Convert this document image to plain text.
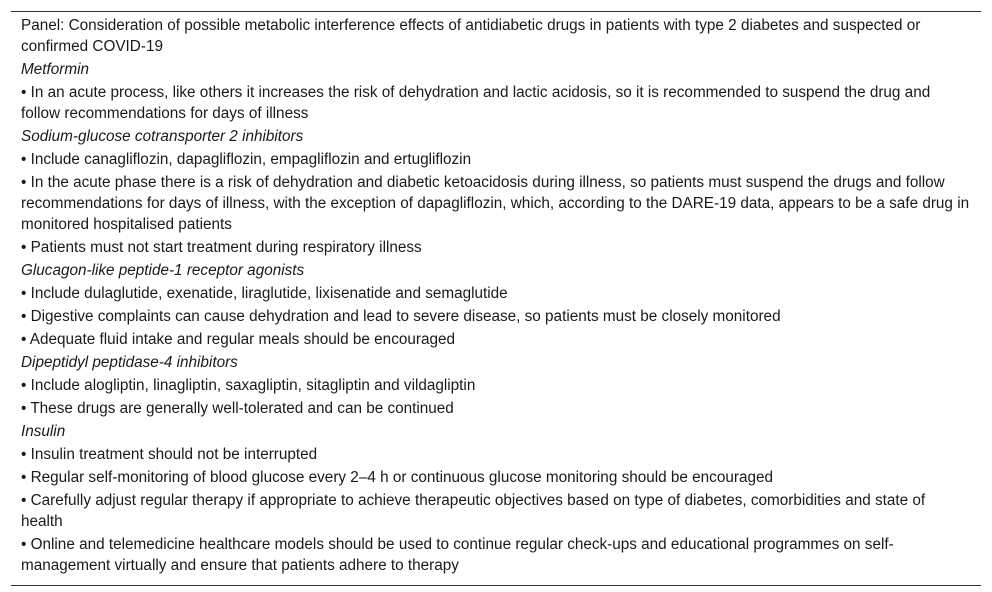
Panel: Consideration of possible metabolic interference effects of antidiabetic drugs in patients with type 2 diabetes and suspected or confirmed COVID-19
Metformin
• In an acute process, like others it increases the risk of dehydration and lactic acidosis, so it is recommended to suspend the drug and follow recommendations for days of illness
Sodium-glucose cotransporter 2 inhibitors
• Include canagliflozin, dapagliflozin, empagliflozin and ertugliflozin
• In the acute phase there is a risk of dehydration and diabetic ketoacidosis during illness, so patients must suspend the drugs and follow recommendations for days of illness, with the exception of dapagliflozin, which, according to the DARE-19 data, appears to be a safe drug in monitored hospitalised patients
• Patients must not start treatment during respiratory illness
Glucagon-like peptide-1 receptor agonists
• Include dulaglutide, exenatide, liraglutide, lixisenatide and semaglutide
• Digestive complaints can cause dehydration and lead to severe disease, so patients must be closely monitored
• Adequate fluid intake and regular meals should be encouraged
Dipeptidyl peptidase-4 inhibitors
• Include alogliptin, linagliptin, saxagliptin, sitagliptin and vildagliptin
• These drugs are generally well-tolerated and can be continued
Insulin
• Insulin treatment should not be interrupted
• Regular self-monitoring of blood glucose every 2–4 h or continuous glucose monitoring should be encouraged
• Carefully adjust regular therapy if appropriate to achieve therapeutic objectives based on type of diabetes, comorbidities and state of health
• Online and telemedicine healthcare models should be used to continue regular check-ups and educational programmes on self-management virtually and ensure that patients adhere to therapy
